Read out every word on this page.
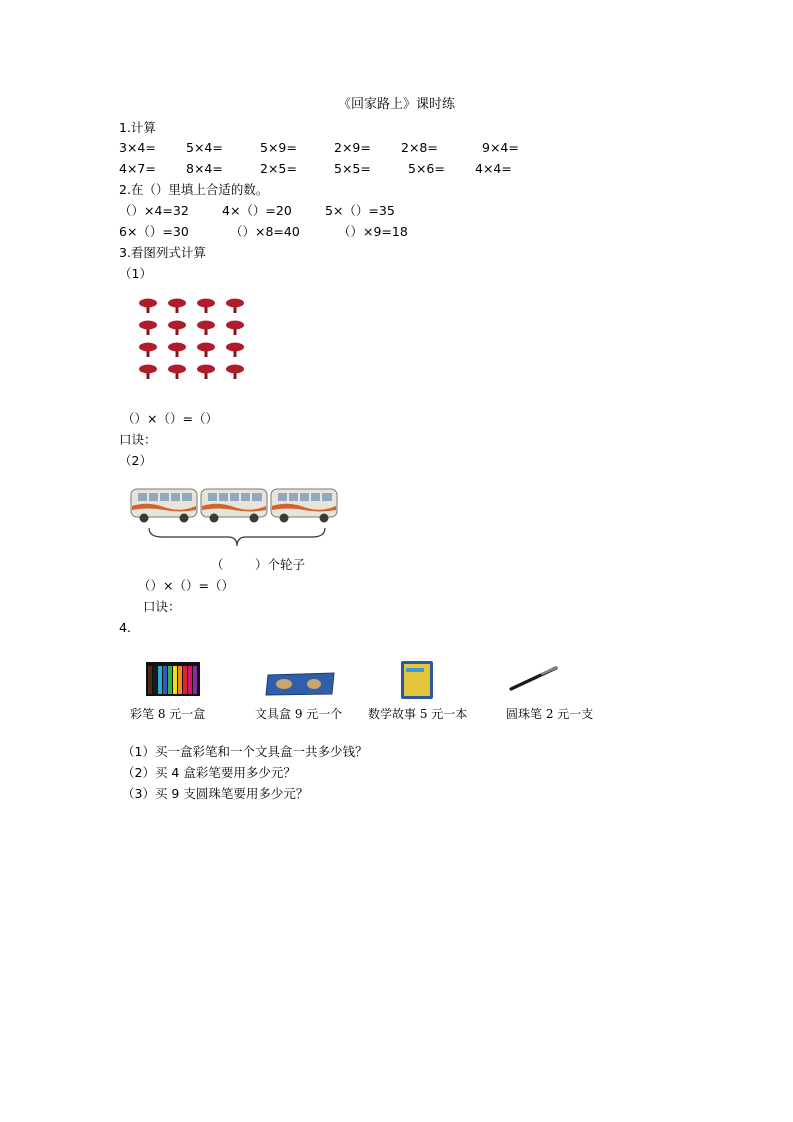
《回家路上》课时练
1.计算
3×4= 5×4=	5×9=	2×9= 2×8=	9×4=
4×7= 8×4=	2×5=	5×5=	5×6= 4×4=
2.在（）里填上合适的数。
（）×4=32	4×（）=20	5×（）=35
6×（）=30	（）×8=40	（）×9=18
3.看图列式计算
（1）
（）×（）=（）
口诀：
（2）
（	）个轮子
（）×（）=（）
口诀：
4.
彩笔 8 元一盒	文具盒 9 元一个 数学故事 5 元一本	圆珠笔 2 元一支
（1）买一盒彩笔和一个文具盒一共多少钱？
（2）买 4 盒彩笔要用多少元？
（3）买 9 支圆珠笔要用多少元？
